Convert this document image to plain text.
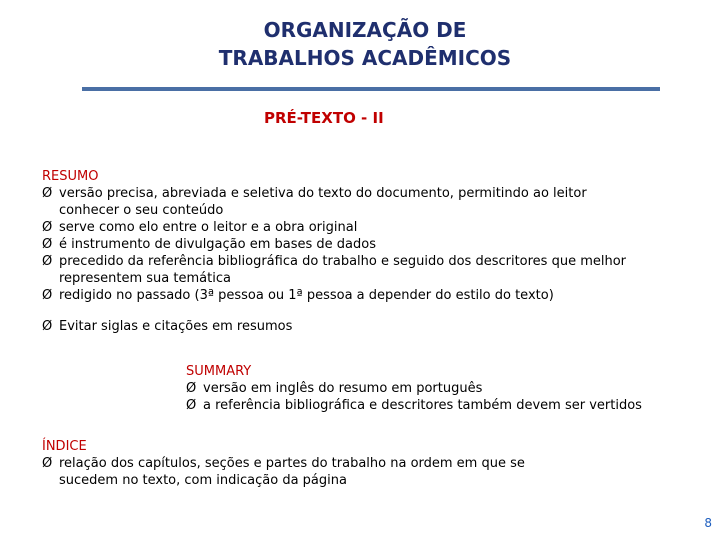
ORGANIZAÇÃO DE
TRABALHOS ACADÊMICOS
PRÉ-TEXTO - II
RESUMO
Ø versão precisa, abreviada e seletiva do texto do documento, permitindo ao leitor conhecer o seu conteúdo
Ø serve como elo entre o leitor e a obra original
Ø é instrumento de divulgação em bases de dados
Ø precedido da referência bibliográfica do trabalho e seguido dos descritores que melhor representem sua temática
Ø redigido no passado (3ª pessoa ou 1ª pessoa a depender do estilo do texto)
Ø Evitar siglas e citações em resumos
SUMMARY
Ø versão em inglês do resumo em português
Ø a referência bibliográfica e descritores também devem ser vertidos
ÍNDICE
Ø relação dos capítulos, seções e partes do trabalho na ordem em que se sucedem no texto, com indicação da página
8
